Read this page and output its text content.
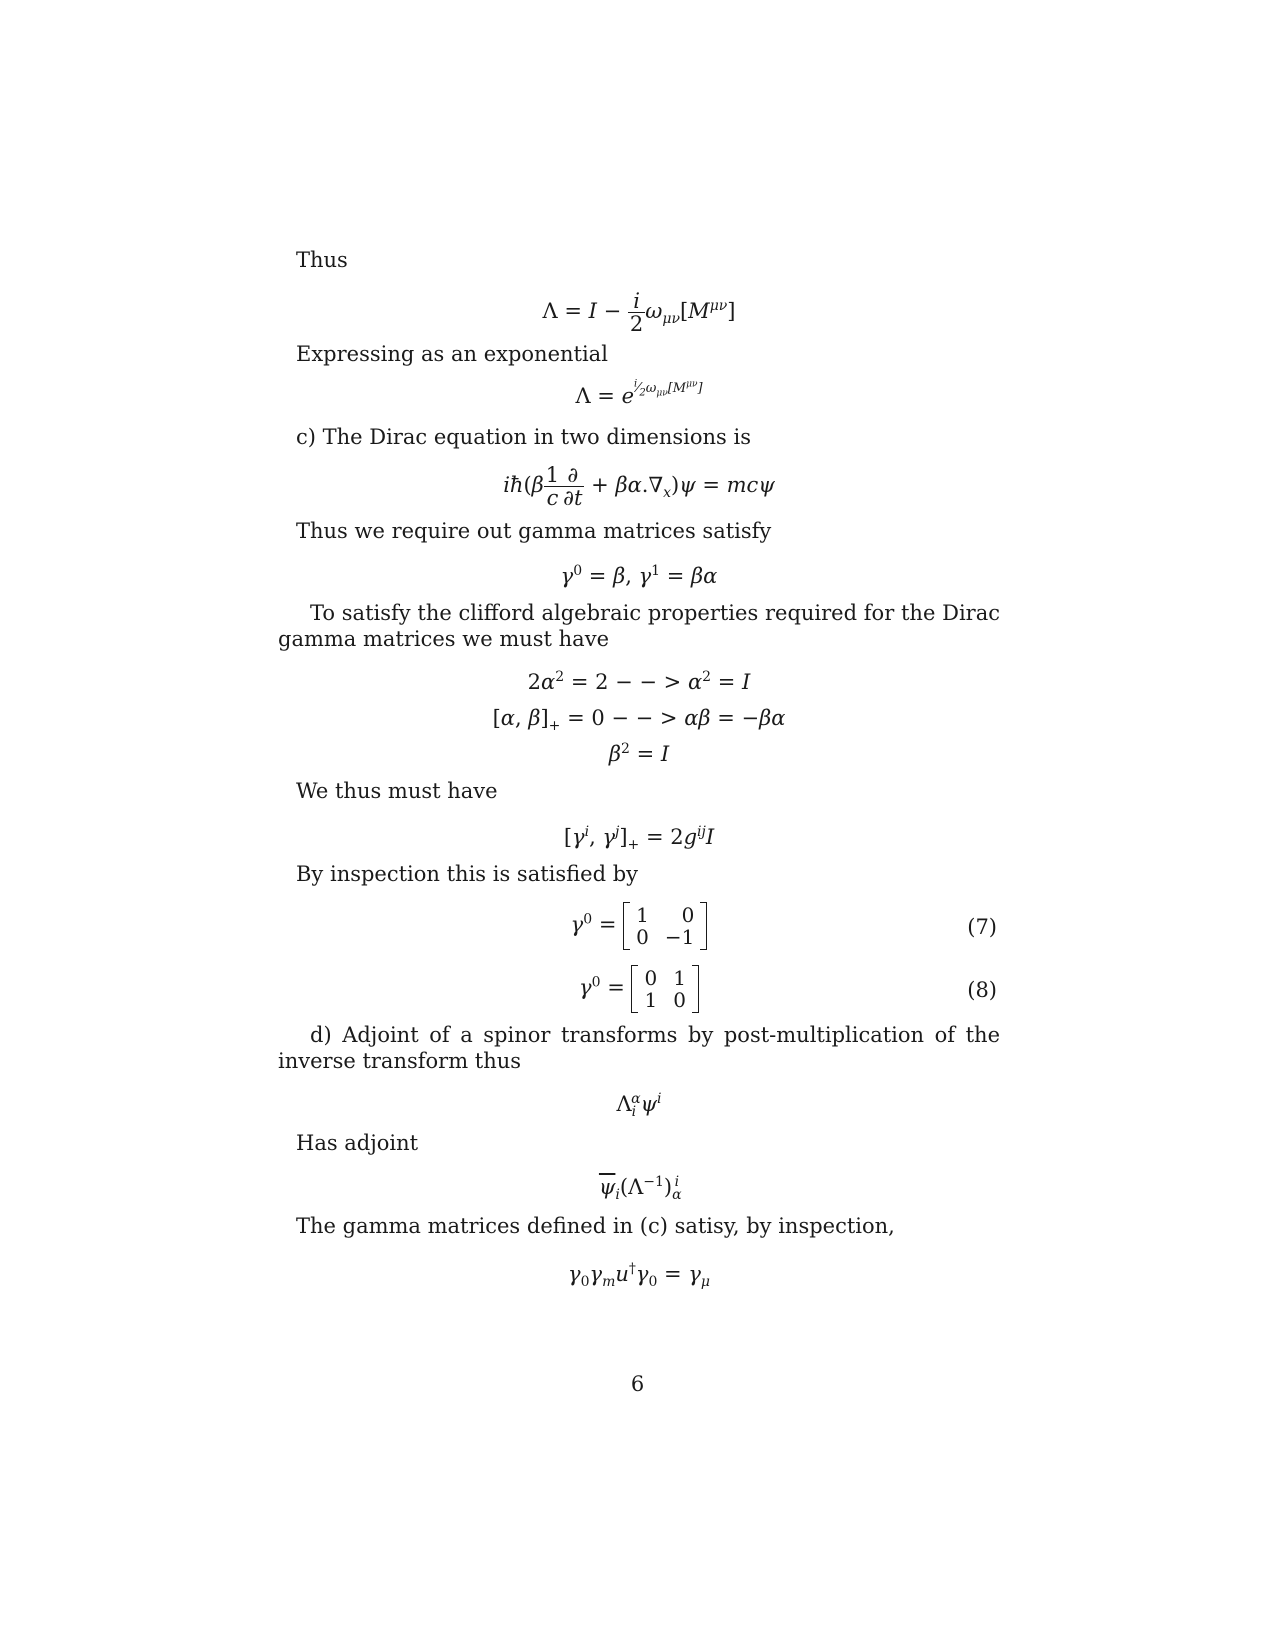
Thus
$\Lambda = I - \frac{i}{2} \omega_{\mu\nu}[M^{\mu\nu}]$
Expressing as an exponential
$\Lambda = e^{^i⁄_2\omega_{\mu\nu}[M^{\mu\nu}]}$
c) The Dirac equation in two dimensions is
iħ(β $\frac{1}{c} \frac{\partial}{\partial t} + \beta\alpha.\nabla_x)\psi = mc\psi$
Thus we require out gamma matrices satisfy
$\gamma^0 = \beta$, $\gamma^1 = \beta\alpha$
To satisfy the clifford algebraic properties required for the Dirac gamma matrices we must have
$2\alpha^2 = 2$ − − > $\alpha^2 = I$
[α, $\beta]_+ = 0$ − − > αβ = −βα
$\beta^2 = I$
We thus must have
[$\gamma^i$, $\gamma^j]_+ = 2g^{ij}I$
By inspection this is satisfied by
$\gamma^0 = 1$	0
0	−1	(7)
$\gamma^0 = 0$	1
1	0	(8)
d) Adjoint of a spinor transforms by post-multiplication of the inverse transform thus
$\Lambda_i^\alpha\psi^i$
Has adjoint
$\overline{\psi}_i(\Lambda^{-1})_\alpha^i$
The gamma matrices defined in (c) satisy, by inspection,
$\gamma_0\gamma_mu^\dagger\gamma_0 = \gamma_\mu$
6
